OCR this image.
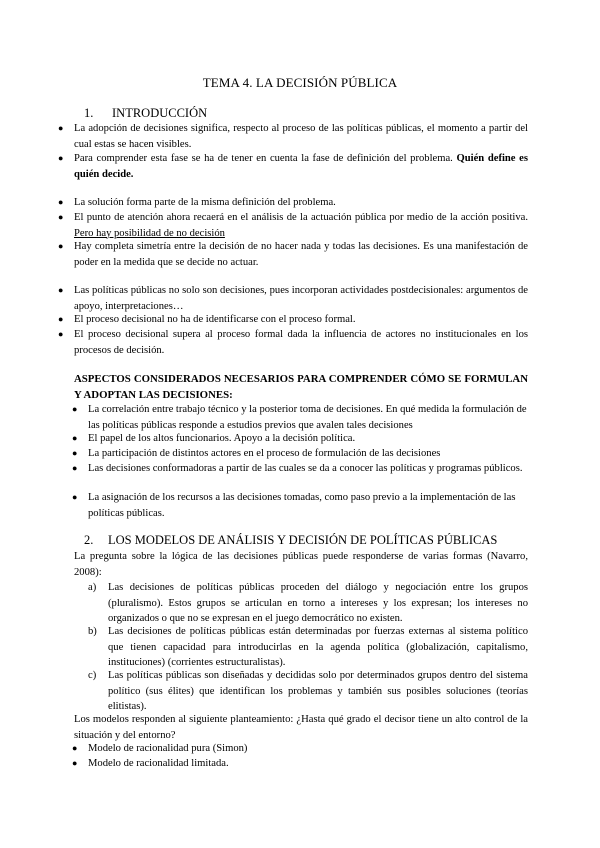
TEMA 4. LA DECISIÓN PÚBLICA
1. INTRODUCCIÓN
● La adopción de decisiones significa, respecto al proceso de las políticas públicas, el momento a partir del cual estas se hacen visibles.
● Para comprender esta fase se ha de tener en cuenta la fase de definición del problema. Quién define es quién decide.
● La solución forma parte de la misma definición del problema.
● El punto de atención ahora recaerá en el análisis de la actuación pública por medio de la acción positiva. Pero hay posibilidad de no decisión
● Hay completa simetría entre la decisión de no hacer nada y todas las decisiones. Es una manifestación de poder en la medida que se decide no actuar.
● Las políticas públicas no solo son decisiones, pues incorporan actividades postdecisionales: argumentos de apoyo, interpretaciones…
● El proceso decisional no ha de identificarse con el proceso formal.
● El proceso decisional supera al proceso formal dada la influencia de actores no institucionales en los procesos de decisión.
ASPECTOS CONSIDERADOS NECESARIOS PARA COMPRENDER CÓMO SE FORMULAN Y ADOPTAN LAS DECISIONES:
● La correlación entre trabajo técnico y la posterior toma de decisiones. En qué medida la formulación de las políticas públicas responde a estudios previos que avalen tales decisiones
● El papel de los altos funcionarios. Apoyo a la decisión política.
● La participación de distintos actores en el proceso de formulación de las decisiones
● Las decisiones conformadoras a partir de las cuales se da a conocer las políticas y programas públicos.
● La asignación de los recursos a las decisiones tomadas, como paso previo a la implementación de las políticas públicas.
2. LOS MODELOS DE ANÁLISIS Y DECISIÓN DE POLÍTICAS PÚBLICAS
La pregunta sobre la lógica de las decisiones públicas puede responderse de varias formas (Navarro, 2008):
a) Las decisiones de políticas públicas proceden del diálogo y negociación entre los grupos (pluralismo). Estos grupos se articulan en torno a intereses y los expresan; los intereses no organizados o que no se expresan en el juego democrático no existen.
b) Las decisiones de políticas públicas están determinadas por fuerzas externas al sistema político que tienen capacidad para introducirlas en la agenda política (globalización, capitalismo, instituciones) (corrientes estructuralistas).
c) Las políticas públicas son diseñadas y decididas solo por determinados grupos dentro del sistema político (sus élites) que identifican los problemas y también sus posibles soluciones (teorías elitistas).
Los modelos responden al siguiente planteamiento: ¿Hasta qué grado el decisor tiene un alto control de la situación y del entorno?
● Modelo de racionalidad pura (Simon)
● Modelo de racionalidad limitada.
